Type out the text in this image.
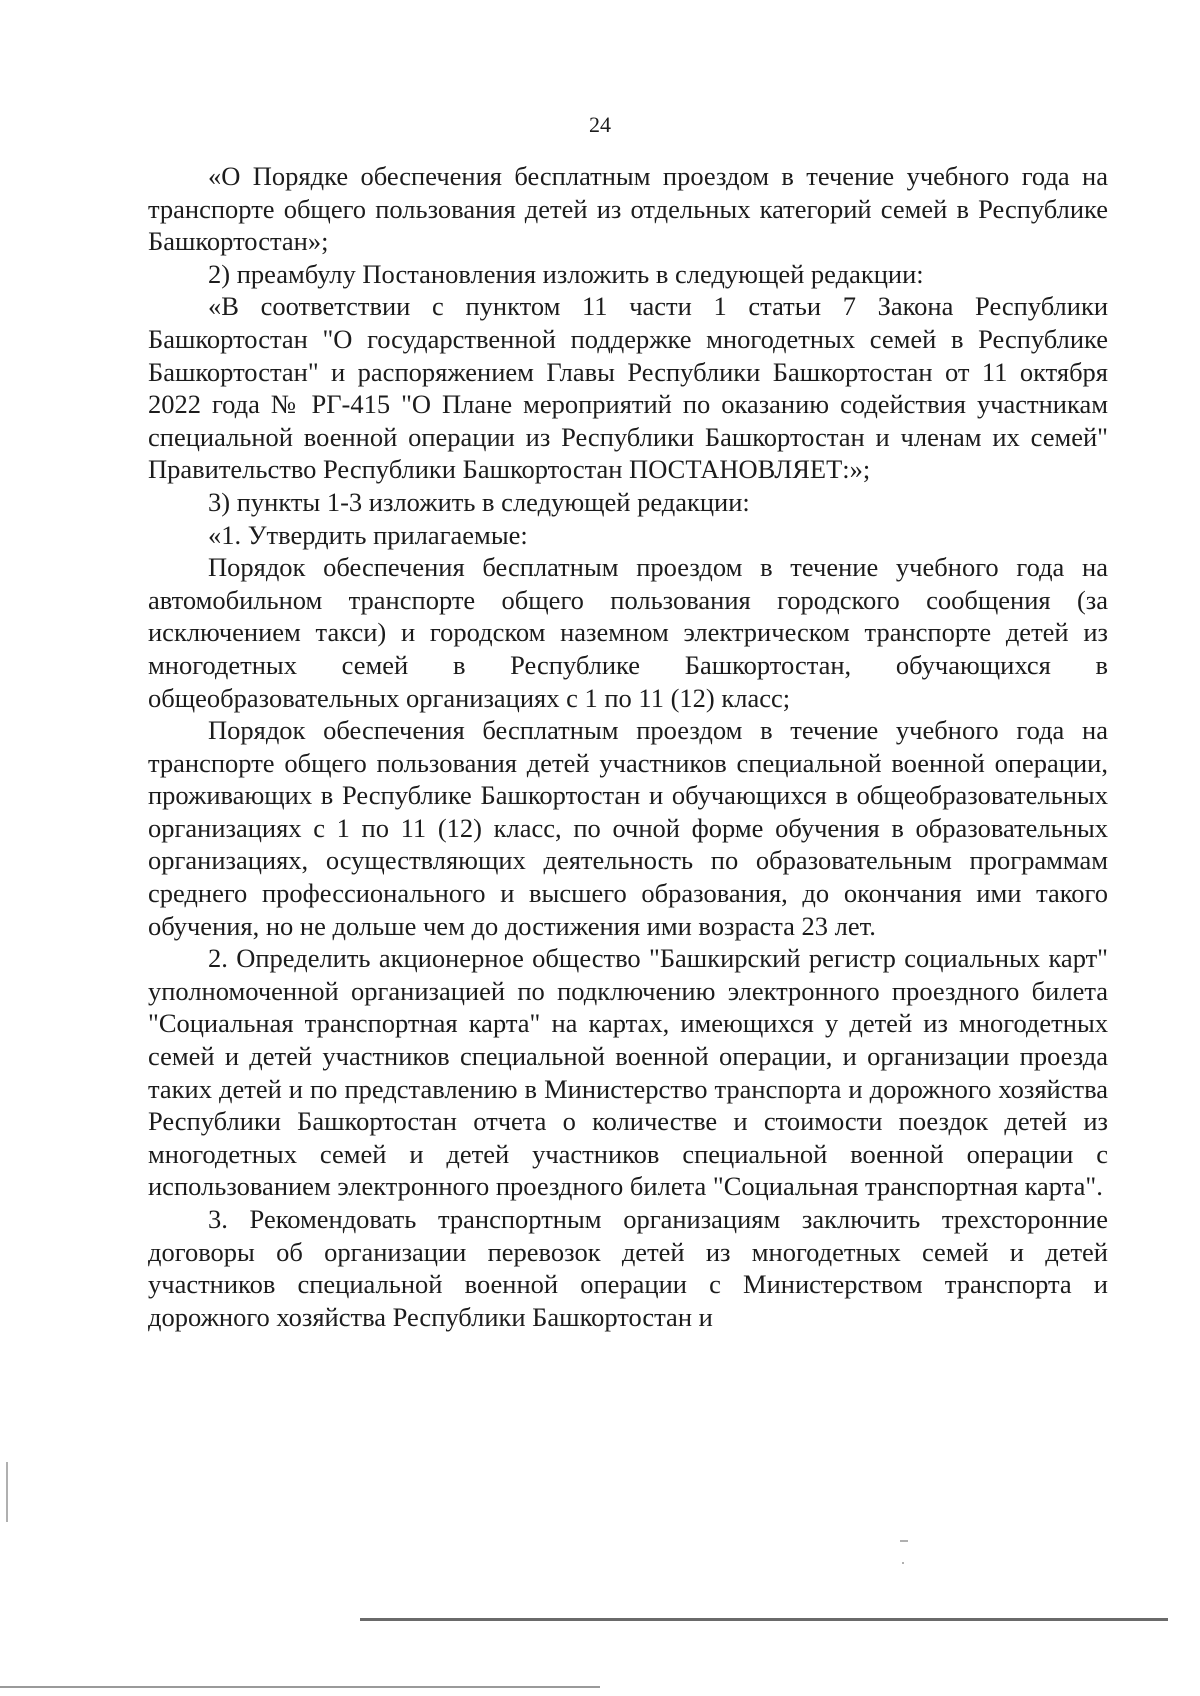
24

«О Порядке обеспечения бесплатным проездом в течение учебного года на транспорте общего пользования детей из отдельных категорий семей в Республике Башкортостан»;

2) преамбулу Постановления изложить в следующей редакции:

«В соответствии с пунктом 11 части 1 статьи 7 Закона Республики Башкортостан "О государственной поддержке многодетных семей в Республике Башкортостан" и распоряжением Главы Республики Башкортостан от 11 октября 2022 года № РГ-415 "О Плане мероприятий по оказанию содействия участникам специальной военной операции из Республики Башкортостан и членам их семей" Правительство Республики Башкортостан ПОСТАНОВЛЯЕТ:»;

3) пункты 1-3 изложить в следующей редакции:

«1. Утвердить прилагаемые:

Порядок обеспечения бесплатным проездом в течение учебного года на автомобильном транспорте общего пользования городского сообщения (за исключением такси) и городском наземном электрическом транспорте детей из многодетных семей в Республике Башкортостан, обучающихся в общеобразовательных организациях с 1 по 11 (12) класс;

Порядок обеспечения бесплатным проездом в течение учебного года на транспорте общего пользования детей участников специальной военной операции, проживающих в Республике Башкортостан и обучающихся в общеобразовательных организациях с 1 по 11 (12) класс, по очной форме обучения в образовательных организациях, осуществляющих деятельность по образовательным программам среднего профессионального и высшего образования, до окончания ими такого обучения, но не дольше чем до достижения ими возраста 23 лет.

2. Определить акционерное общество "Башкирский регистр социальных карт" уполномоченной организацией по подключению электронного проездного билета "Социальная транспортная карта" на картах, имеющихся у детей из многодетных семей и детей участников специальной военной операции, и организации проезда таких детей и по представлению в Министерство транспорта и дорожного хозяйства Республики Башкортостан отчета о количестве и стоимости поездок детей из многодетных семей и детей участников специальной военной операции с использованием электронного проездного билета "Социальная транспортная карта".

3. Рекомендовать транспортным организациям заключить трехсторонние договоры об организации перевозок детей из многодетных семей и детей участников специальной военной операции с Министерством транспорта и дорожного хозяйства Республики Башкортостан и
